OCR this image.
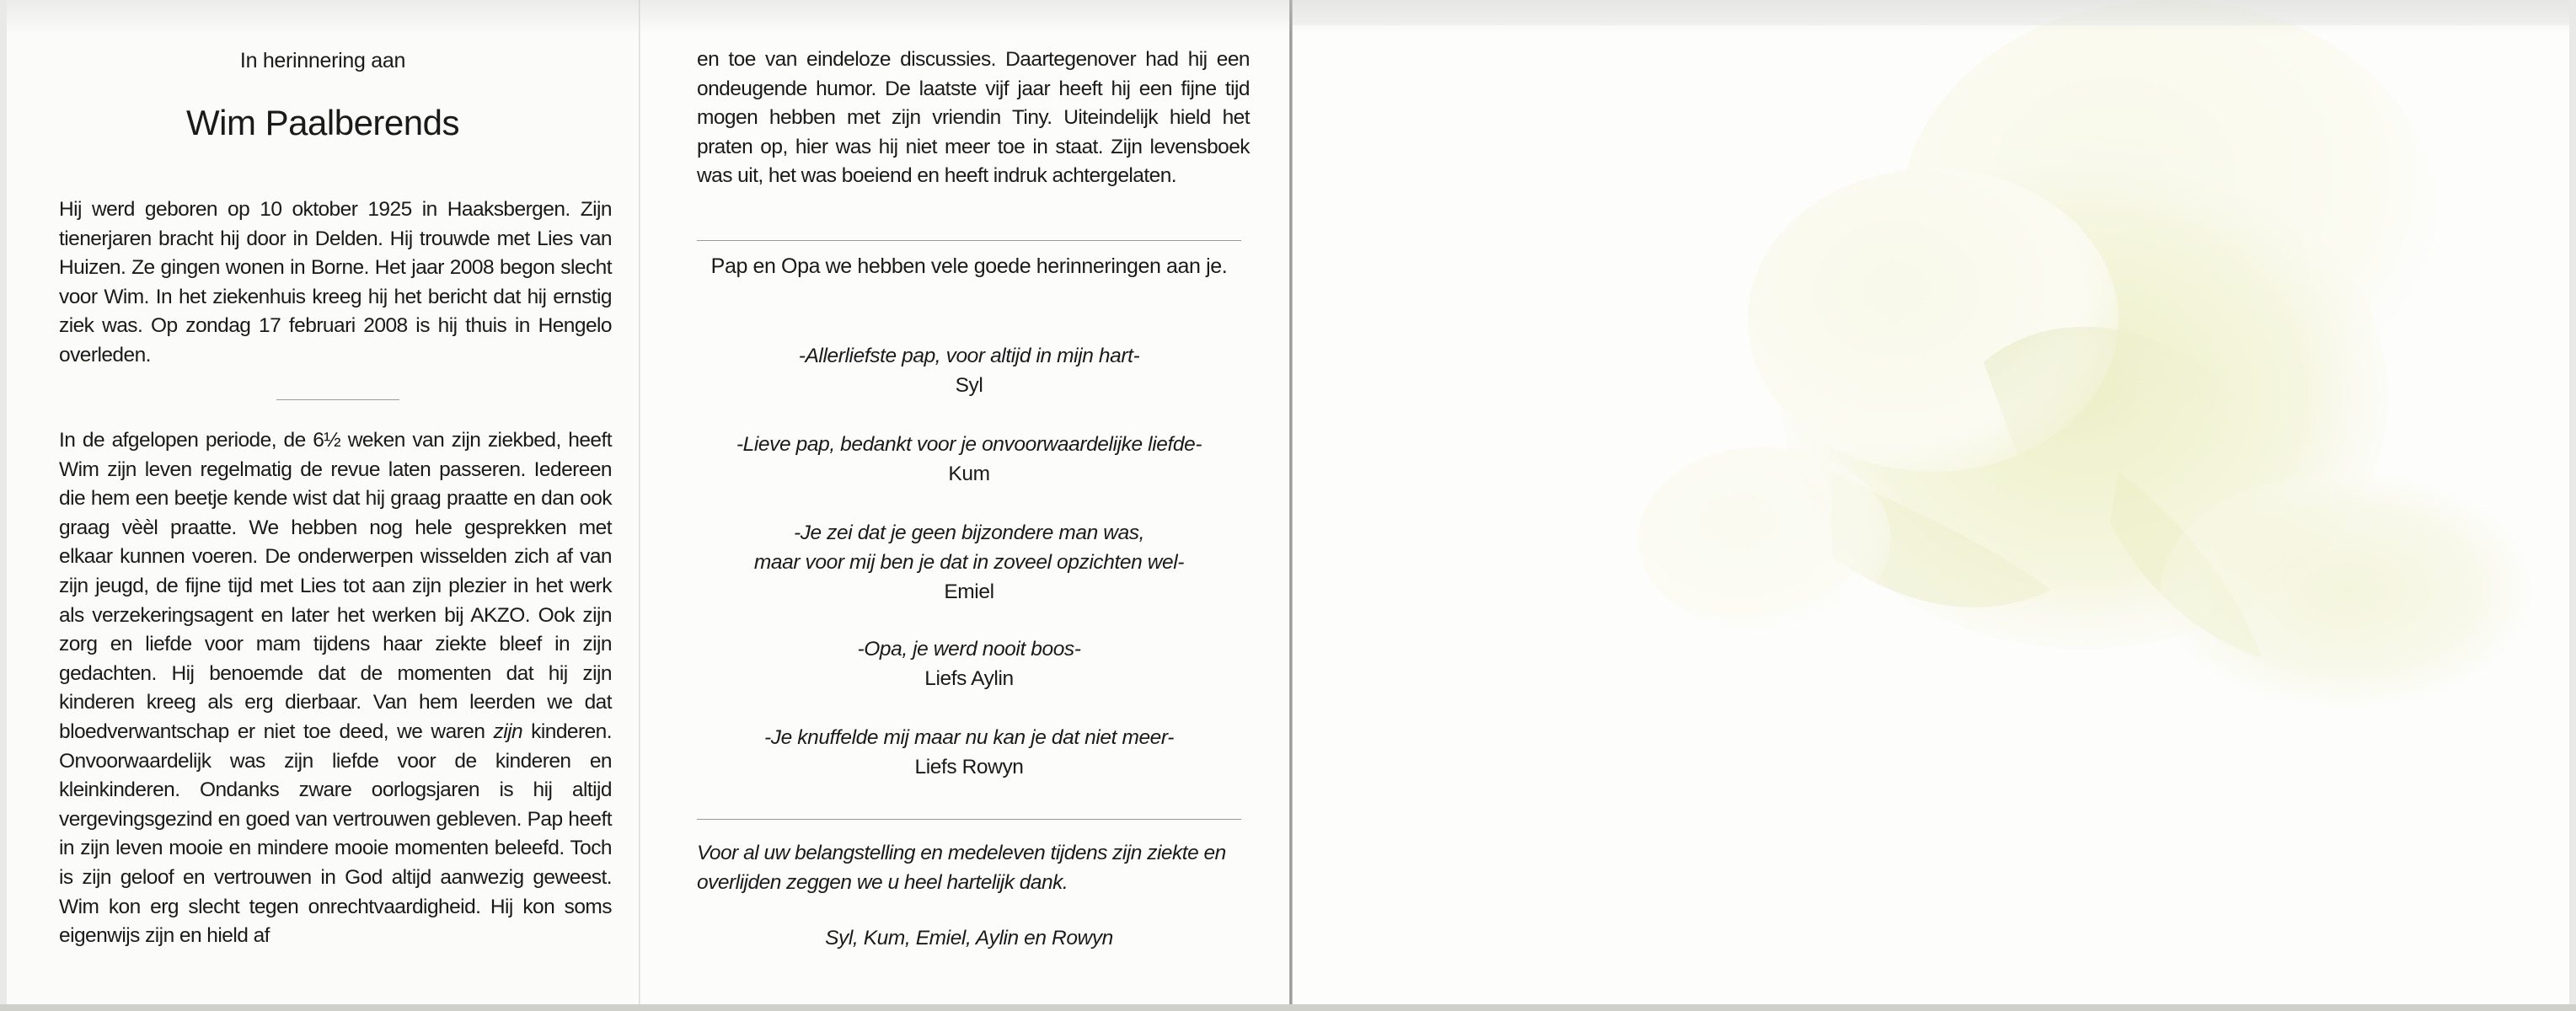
In herinnering aan
Wim Paalberends

Hij werd geboren op 10 oktober 1925 in Haaksbergen. Zijn tienerjaren bracht hij door in Delden. Hij trouwde met Lies van Huizen. Ze gingen wonen in Borne. Het jaar 2008 begon slecht voor Wim. In het ziekenhuis kreeg hij het bericht dat hij ernstig ziek was. Op zondag 17 februari 2008 is hij thuis in Hengelo overleden.

In de afgelopen periode, de 6½ weken van zijn ziekbed, heeft Wim zijn leven regelmatig de revue laten passeren. Iedereen die hem een beetje kende wist dat hij graag praatte en dan ook graag vèèl praatte. We hebben nog hele gesprekken met elkaar kunnen voeren. De onderwerpen wisselden zich af van zijn jeugd, de fijne tijd met Lies tot aan zijn plezier in het werk als verzekeringsagent en later het werken bij AKZO. Ook zijn zorg en liefde voor mam tijdens haar ziekte bleef in zijn gedachten. Hij benoemde dat de momenten dat hij zijn kinderen kreeg als erg dierbaar. Van hem leerden we dat bloedverwantschap er niet toe deed, we waren zijn kinderen. Onvoorwaardelijk was zijn liefde voor de kinderen en kleinkinderen. Ondanks zware oorlogsjaren is hij altijd vergevingsgezind en goed van vertrouwen gebleven. Pap heeft in zijn leven mooie en mindere mooie momenten beleefd. Toch is zijn geloof en vertrouwen in God altijd aanwezig geweest. Wim kon erg slecht tegen onrechtvaardigheid. Hij kon soms eigenwijs zijn en hield af

en toe van eindeloze discussies. Daartegenover had hij een ondeugende humor. De laatste vijf jaar heeft hij een fijne tijd mogen hebben met zijn vriendin Tiny. Uiteindelijk hield het praten op, hier was hij niet meer toe in staat. Zijn levensboek was uit, het was boeiend en heeft indruk achtergelaten.

Pap en Opa we hebben vele goede herinneringen aan je.
-Allerliefste pap, voor altijd in mijn hart-
Syl
-Lieve pap, bedankt voor je onvoorwaardelijke liefde-
Kum
-Je zei dat je geen bijzondere man was,
maar voor mij ben je dat in zoveel opzichten wel-
Emiel
-Opa, je werd nooit boos-
Liefs Aylin
-Je knuffelde mij maar nu kan je dat niet meer-
Liefs Rowyn

Voor al uw belangstelling en medeleven tijdens zijn ziekte en overlijden zeggen we u heel hartelijk dank.

Syl, Kum, Emiel, Aylin en Rowyn
